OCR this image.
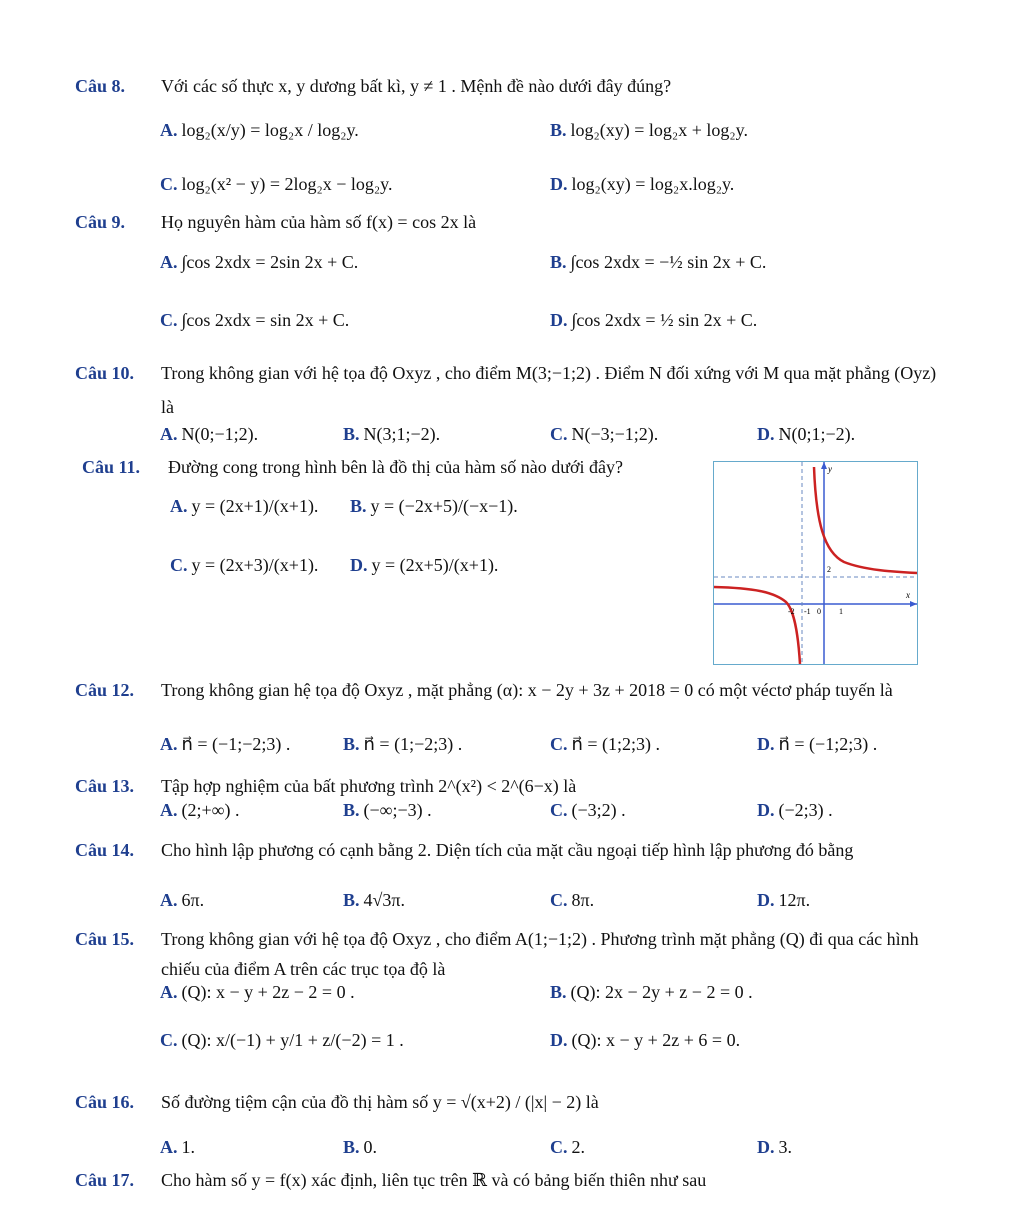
Câu 8. Với các số thực x, y dương bất kì, y ≠ 1 . Mệnh đề nào dưới đây đúng?
A. log₂(x/y) = log₂x / log₂y.	B. log₂(xy) = log₂x + log₂y.
C. log₂(x² − y) = 2log₂x − log₂y.	D. log₂(xy) = log₂x.log₂y.
Câu 9. Họ nguyên hàm của hàm số f(x) = cos 2x là
A. ∫cos 2xdx = 2sin 2x + C.	B. ∫cos 2xdx = −½ sin 2x + C.
C. ∫cos 2xdx = sin 2x + C.	D. ∫cos 2xdx = ½ sin 2x + C.
Câu 10. Trong không gian với hệ tọa độ Oxyz , cho điểm M(3;−1;2) . Điểm N đối xứng với M qua mặt phẳng (Oyz) là
A. N(0;−1;2).	B. N(3;1;−2).	C. N(−3;−1;2).	D. N(0;1;−2).
Câu 11. Đường cong trong hình bên là đồ thị của hàm số nào dưới đây?
A. y = (2x+1)/(x+1). B. y = (−2x+5)/(−x−1).
C. y = (2x+3)/(x+1). D. y = (2x+5)/(x+1).
y
x
2
-2 -1 0 1
Câu 12. Trong không gian hệ tọa độ Oxyz , mặt phẳng (α): x − 2y + 3z + 2018 = 0 có một véctơ pháp tuyến là
A. n⃗ = (−1;−2;3) .	B. n⃗ = (1;−2;3) .	C. n⃗ = (1;2;3) .	D. n⃗ = (−1;2;3) .
Câu 13. Tập hợp nghiệm của bất phương trình 2^(x²) < 2^(6−x) là
A. (2;+∞) .	B. (−∞;−3) .	C. (−3;2) .	D. (−2;3) .
Câu 14. Cho hình lập phương có cạnh bằng 2. Diện tích của mặt cầu ngoại tiếp hình lập phương đó bằng
A. 6π.	B. 4√3π.	C. 8π.	D. 12π.
Câu 15. Trong không gian với hệ tọa độ Oxyz , cho điểm A(1;−1;2) . Phương trình mặt phẳng (Q) đi qua các hình chiếu của điểm A trên các trục tọa độ là
A. (Q): x − y + 2z − 2 = 0 .	B. (Q): 2x − 2y + z − 2 = 0 .
C. (Q): x/(−1) + y/1 + z/(−2) = 1 .	D. (Q): x − y + 2z + 6 = 0.
Câu 16. Số đường tiệm cận của đồ thị hàm số y = √(x+2) / (|x| − 2) là
A. 1.	B. 0.	C. 2.	D. 3.
Câu 17. Cho hàm số y = f(x) xác định, liên tục trên ℝ và có bảng biến thiên như sau
